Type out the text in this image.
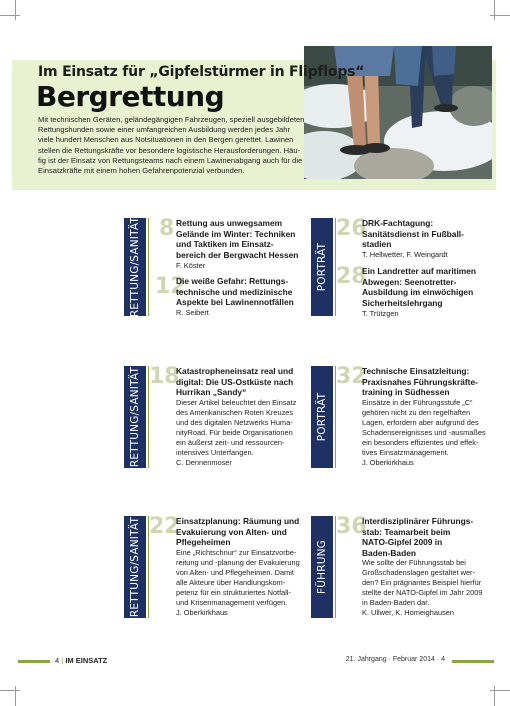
Im Einsatz für „Gipfelstürmer in Flipflops“
Bergrettung
Mit technischen Geräten, geländegängigen Fahrzeugen, speziell ausgebildeten
Rettungshunden sowie einer umfangreichen Ausbildung werden jedes Jahr
viele hundert Menschen aus Notsituationen in den Bergen gerettet. Lawinen
stellen die Rettungskräfte vor besondere logistische Herausforderungen. Häu-
fig ist der Einsatz von Rettungsteams nach einem Lawinenabgang auch für die
Einsatzkräfte mit einem hohen Gefahrenpotenzial verbunden.
RETTUNG/SANITÄT 8 Rettung aus unwegsamem
Gelände im Winter: Techniken
und Taktiken im Einsatz-
bereich der Bergwacht Hessen
F. Köster
12
Die weiße Gefahr: Rettungs-
technische und medizinische
Aspekte bei Lawinennotfällen
R. Seibert
PORTRÄT
26
DRK-Fachtagung:
Sanitätsdienst in Fußball-
stadien
T. Hellwetter, F. Weingardt
28
Ein Landretter auf maritimen
Abwegen: Seenotretter-
Ausbildung im einwöchigen
Sicherheitslehrgang
T. Trützgen
RETTUNG/SANITÄT 18
Katastropheneinsatz real und
digital: Die US-Ostküste nach
Hurrikan „Sandy“
Dieser Artikel beleuchtet den Einsatz
des Amerikanischen Roten Kreuzes
und des digitalen Netzwerks Huma-
nityRoad. Für beide Organisationen
ein äußerst zeit- und ressourcen-
intensives Unterfangen.
C. Dennenmoser
PORTRÄT
32
Technische Einsatzleitung:
Praxisnahes Führungskräfte-
training in Südhessen
Einsätze in der Führungsstufe „C“
gehören nicht zu den regelhaften
Lagen, erfordern aber aufgrund des
Schadensereignisses und -ausmaßes
ein besonders effizientes und effek-
tives Einsatzmanagement.
J. Oberkirkhaus
RETTUNG/SANITÄT 22
Einsatzplanung: Räumung und
Evakuierung von Alten- und
Pflegeheimen
Eine „Richtschnur“ zur Einsatzvorbe-
reitung und -planung der Evakuierung
von Alten- und Pflegeheimen. Damit
alle Akteure über Handlungskom-
petenz für ein strukturiertes Notfall-
und Krisenmanagement verfügen.
J. Oberkirkhaus
FÜHRUNG
36
Interdisziplinärer Führungs-
stab: Teamarbeit beim
NATO-Gipfel 2009 in
Baden-Baden
Wie sollte der Führungsstab bei
Großschadenslagen gestaltet wer-
den? Ein prägnantes Beispiel hierfür
stellte der NATO-Gipfel im Jahr 2009
in Baden-Baden dar.
K. Ullwer, K. Homeighausen
4 | IM EINSATZ	21. Jahrgang · Februar 2014 · 4
